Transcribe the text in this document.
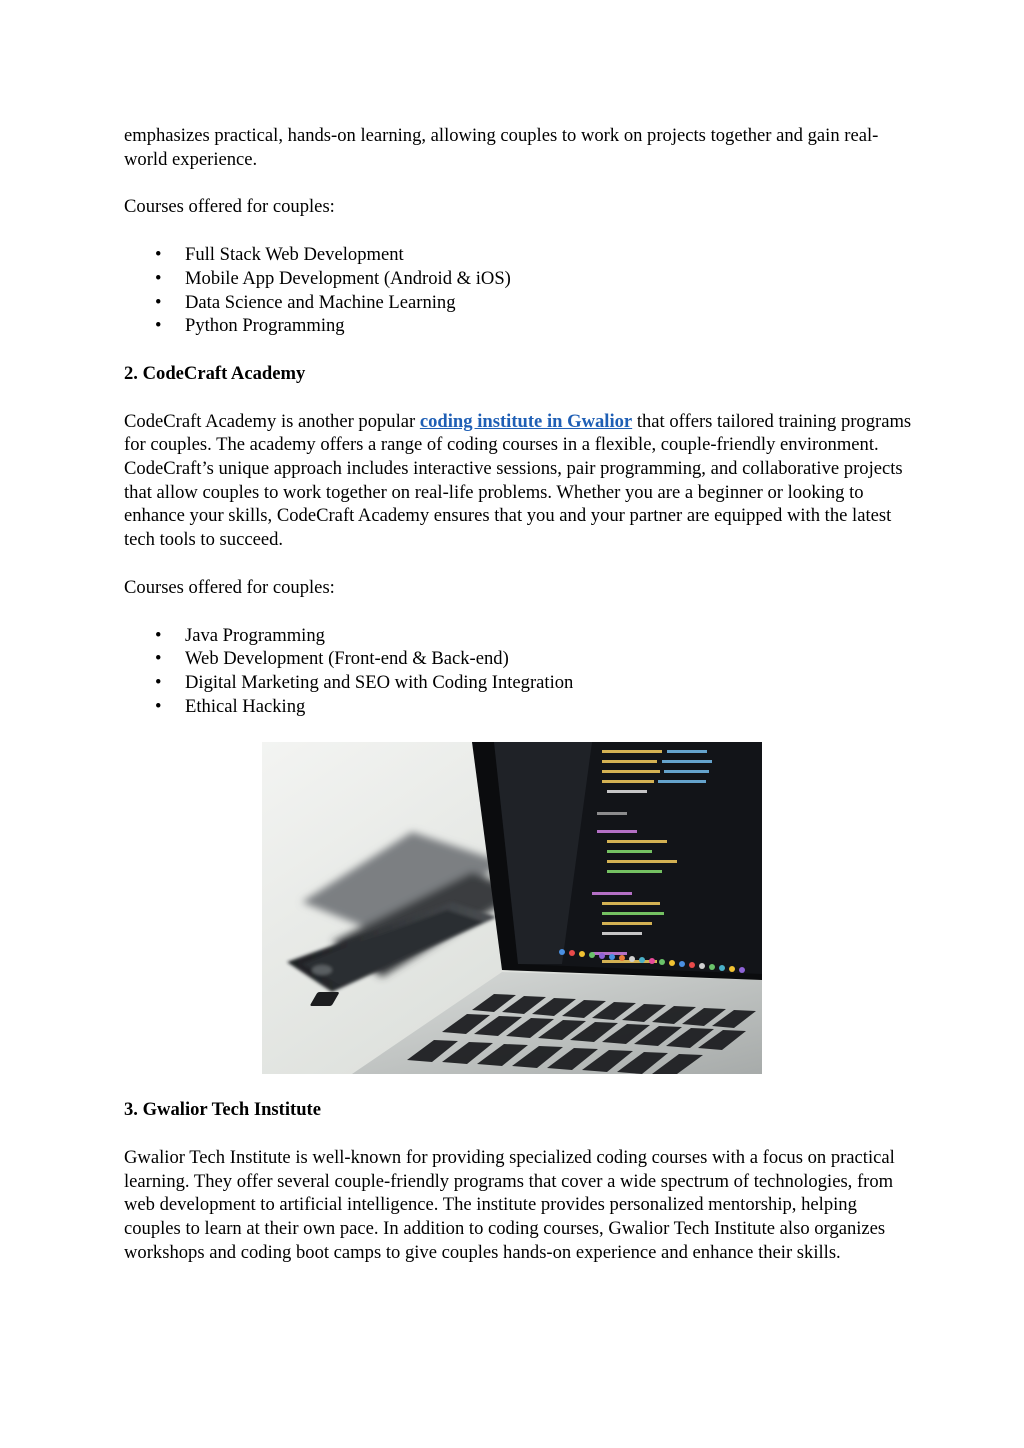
emphasizes practical, hands-on learning, allowing couples to work on projects together and gain real-world experience.

Courses offered for couples:

• Full Stack Web Development
• Mobile App Development (Android & iOS)
• Data Science and Machine Learning
• Python Programming
2. CodeCraft Academy

CodeCraft Academy is another popular coding institute in Gwalior that offers tailored training programs for couples. The academy offers a range of coding courses in a flexible, couple-friendly environment. CodeCraft’s unique approach includes interactive sessions, pair programming, and collaborative projects that allow couples to work together on real-life problems. Whether you are a beginner or looking to enhance your skills, CodeCraft Academy ensures that you and your partner are equipped with the latest tech tools to succeed.

Courses offered for couples:

• Java Programming
• Web Development (Front-end & Back-end)
• Digital Marketing and SEO with Coding Integration
• Ethical Hacking
3. Gwalior Tech Institute

Gwalior Tech Institute is well-known for providing specialized coding courses with a focus on practical learning. They offer several couple-friendly programs that cover a wide spectrum of technologies, from web development to artificial intelligence. The institute provides personalized mentorship, helping couples to learn at their own pace. In addition to coding courses, Gwalior Tech Institute also organizes workshops and coding boot camps to give couples hands-on experience and enhance their skills.
